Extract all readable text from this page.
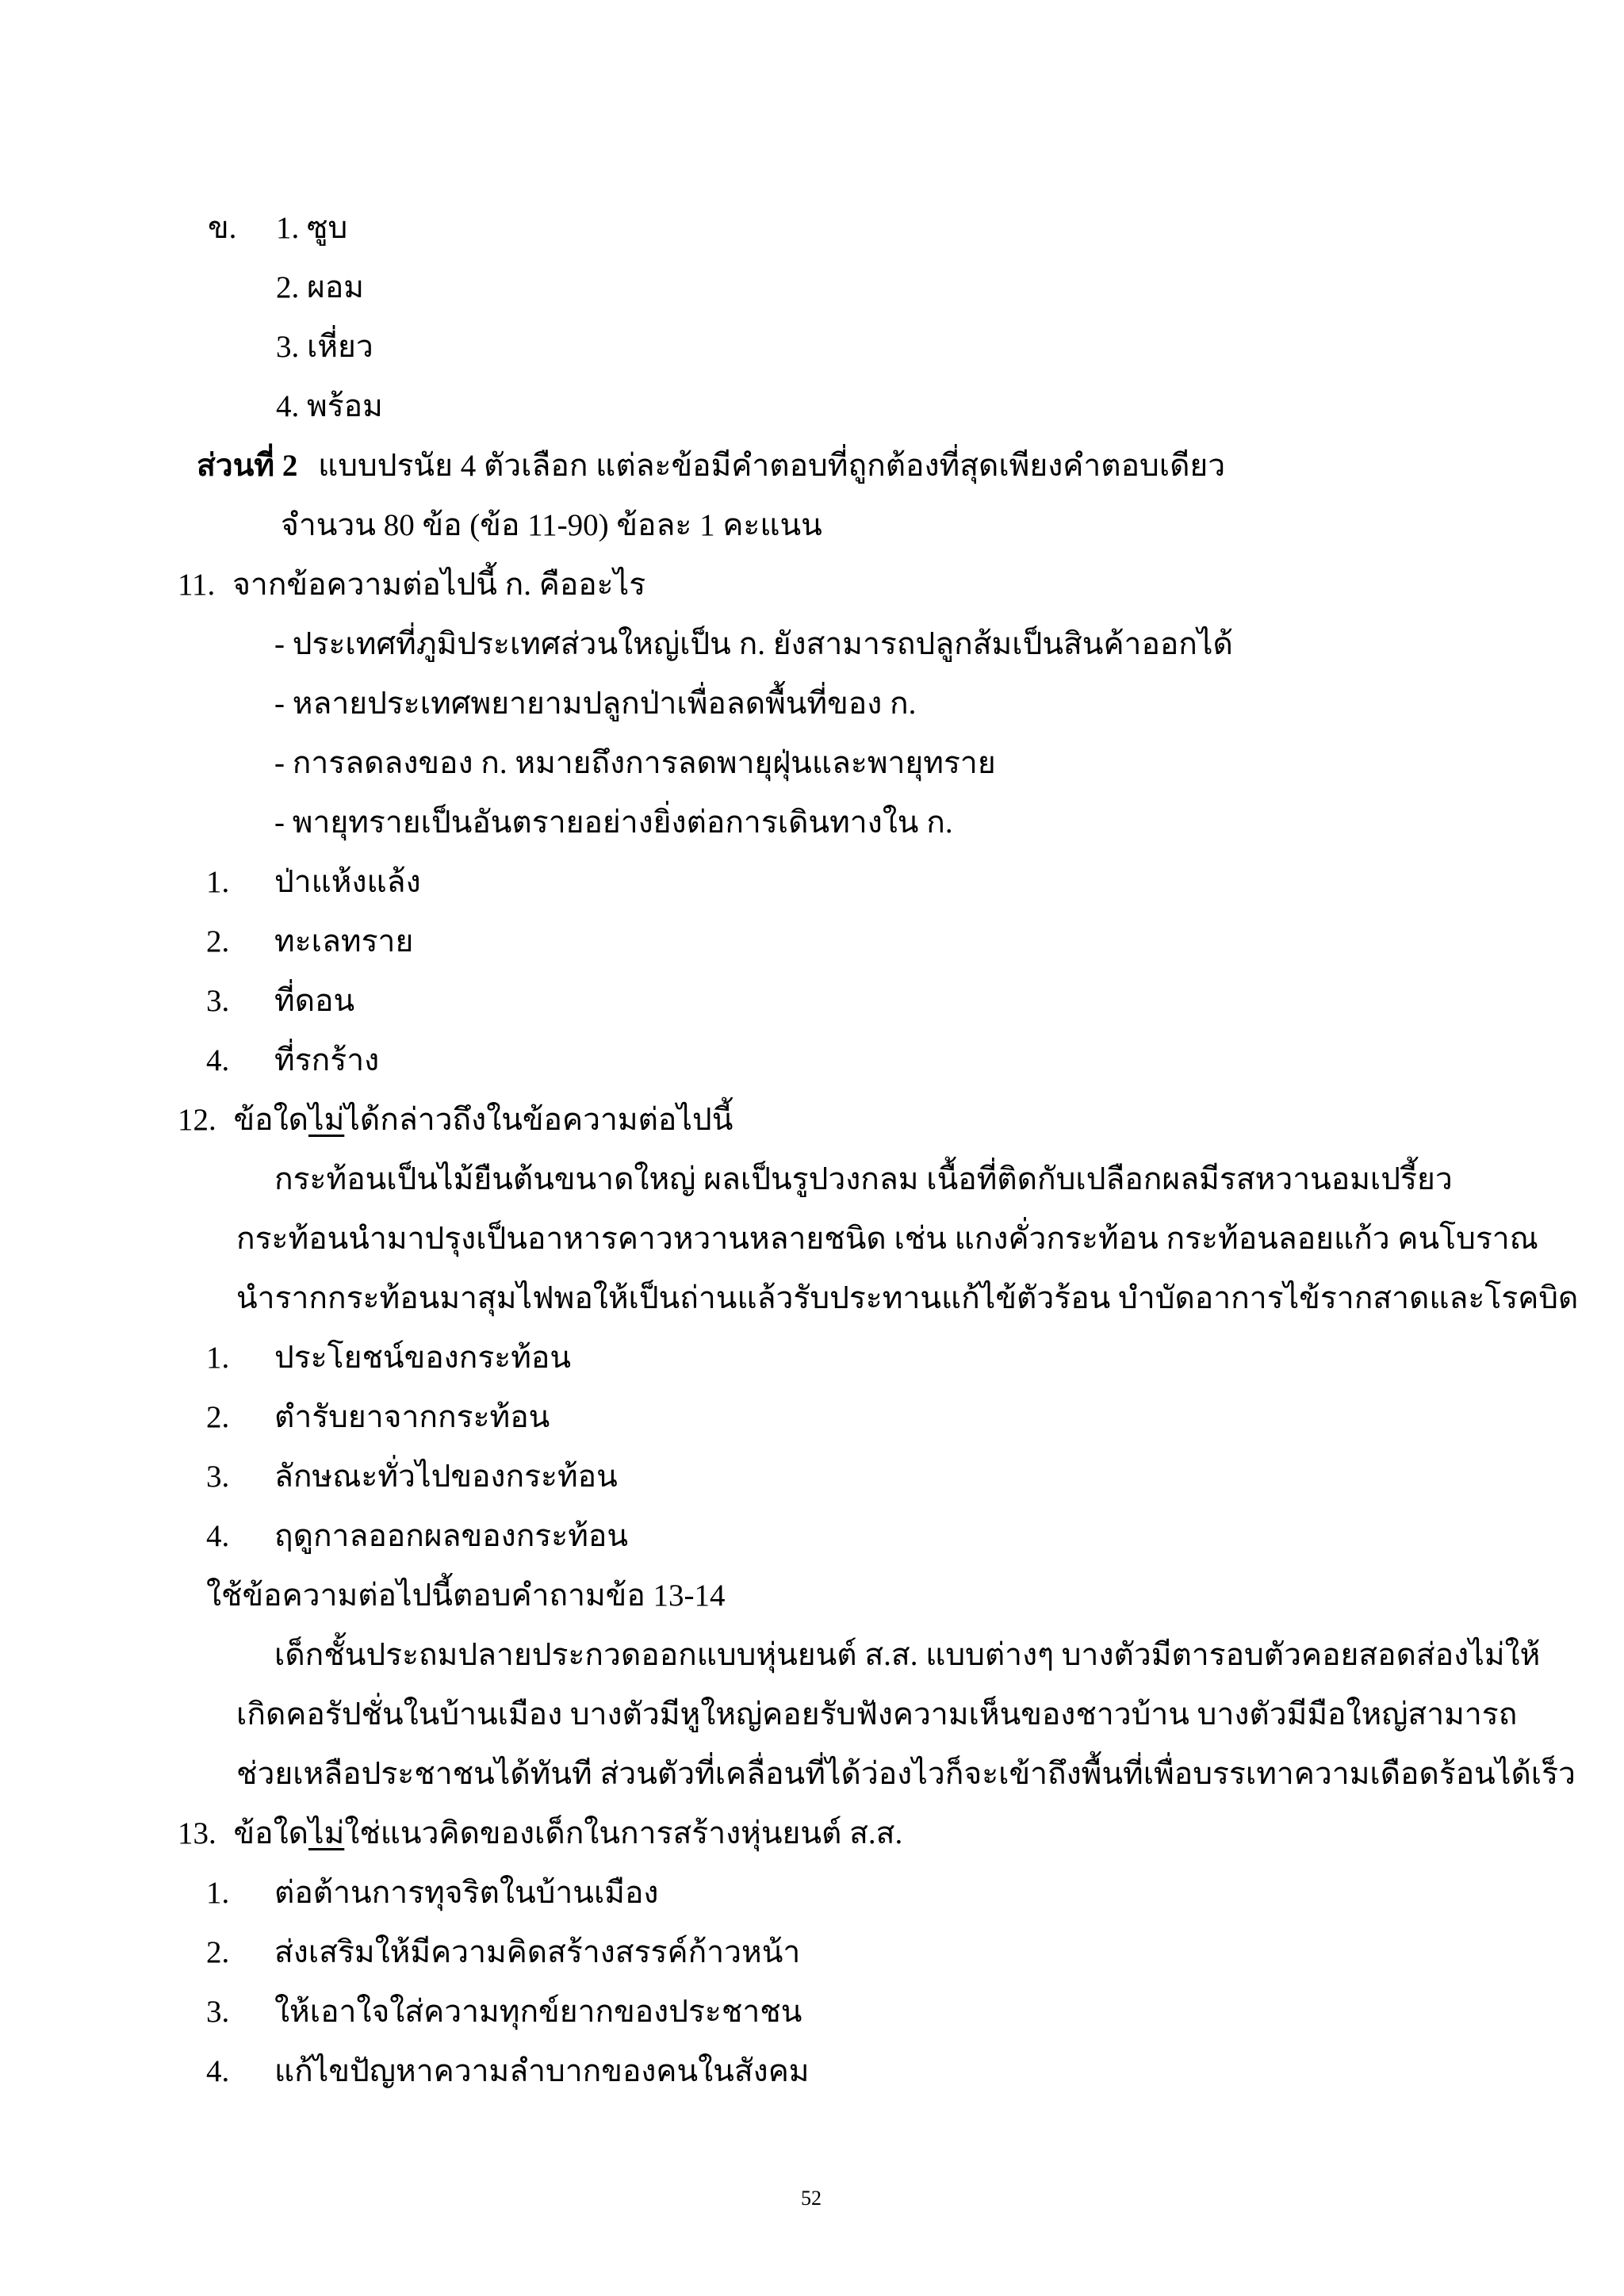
ข. 1. ซูบ
2. ผอม
3. เหี่ยว
4. พร้อม
ส่วนที่ 2 แบบปรนัย 4 ตัวเลือก แต่ละข้อมีคำตอบที่ถูกต้องที่สุดเพียงคำตอบเดียว
จำนวน 80 ข้อ (ข้อ 11-90) ข้อละ 1 คะแนน
11. จากข้อความต่อไปนี้ ก. คืออะไร
- ประเทศที่ภูมิประเทศส่วนใหญ่เป็น ก. ยังสามารถปลูกส้มเป็นสินค้าออกได้
- หลายประเทศพยายามปลูกป่าเพื่อลดพื้นที่ของ ก.
- การลดลงของ ก. หมายถึงการลดพายุฝุ่นและพายุทราย
- พายุทรายเป็นอันตรายอย่างยิ่งต่อการเดินทางใน ก.
1. ป่าแห้งแล้ง
2. ทะเลทราย
3. ที่ดอน
4. ที่รกร้าง
12. ข้อใดไม่ได้กล่าวถึงในข้อความต่อไปนี้
กระท้อนเป็นไม้ยืนต้นขนาดใหญ่ ผลเป็นรูปวงกลม เนื้อที่ติดกับเปลือกผลมีรสหวานอมเปรี้ยว
กระท้อนนำมาปรุงเป็นอาหารคาวหวานหลายชนิด เช่น แกงคั่วกระท้อน กระท้อนลอยแก้ว คนโบราณ
นำรากกระท้อนมาสุมไฟพอให้เป็นถ่านแล้วรับประทานแก้ไข้ตัวร้อน บำบัดอาการไข้รากสาดและโรคบิด
1. ประโยชน์ของกระท้อน
2. ตำรับยาจากกระท้อน
3. ลักษณะทั่วไปของกระท้อน
4. ฤดูกาลออกผลของกระท้อน
ใช้ข้อความต่อไปนี้ตอบคำถามข้อ 13-14
เด็กชั้นประถมปลายประกวดออกแบบหุ่นยนต์ ส.ส. แบบต่างๆ บางตัวมีตารอบตัวคอยสอดส่องไม่ให้
เกิดคอรัปชั่นในบ้านเมือง บางตัวมีหูใหญ่คอยรับฟังความเห็นของชาวบ้าน บางตัวมีมือใหญ่สามารถ
ช่วยเหลือประชาชนได้ทันที ส่วนตัวที่เคลื่อนที่ได้ว่องไวก็จะเข้าถึงพื้นที่เพื่อบรรเทาความเดือดร้อนได้เร็ว
13. ข้อใดไม่ใช่แนวคิดของเด็กในการสร้างหุ่นยนต์ ส.ส.
1. ต่อต้านการทุจริตในบ้านเมือง
2. ส่งเสริมให้มีความคิดสร้างสรรค์ก้าวหน้า
3. ให้เอาใจใส่ความทุกข์ยากของประชาชน
4. แก้ไขปัญหาความลำบากของคนในสังคม
52
